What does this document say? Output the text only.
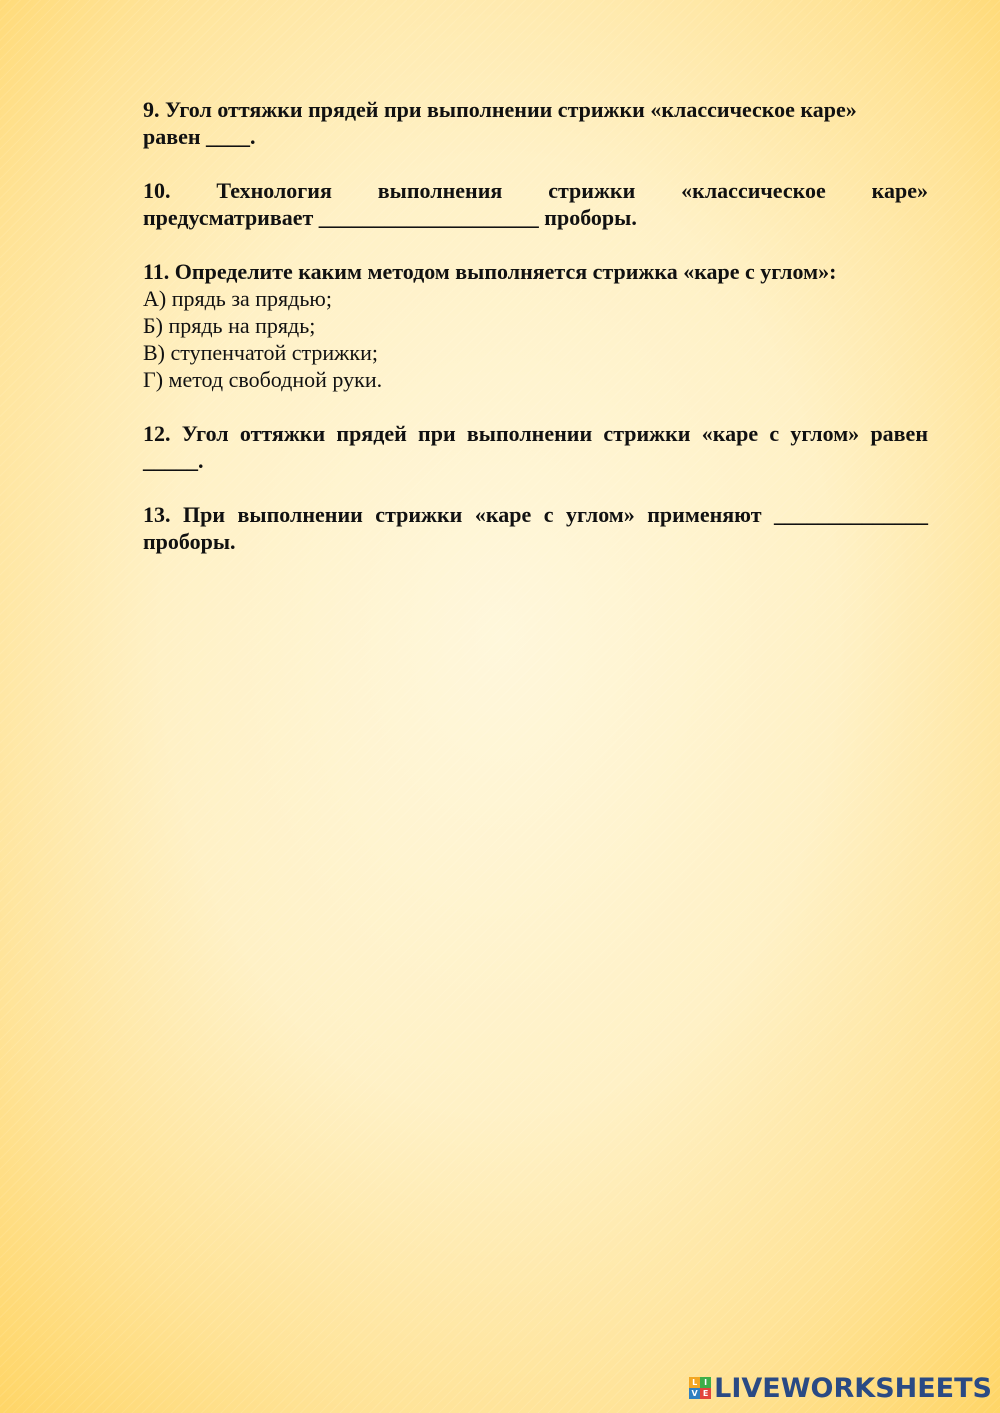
9. Угол оттяжки прядей при выполнении стрижки «классическое каре»

равен ____.

10. Технология выполнения стрижки «классическое каре»

предусматривает ____________________ проборы.

11. Определите каким методом выполняется стрижка «каре с углом»:

А) прядь за прядью;

Б) прядь на прядь;

В) ступенчатой стрижки;

Г) метод свободной руки.

12. Угол оттяжки прядей при выполнении стрижки «каре с углом» равен

_____.

13. При выполнении стрижки «каре с углом» применяют ______________

проборы.

L I
V E LIVEWORKSHEETS
